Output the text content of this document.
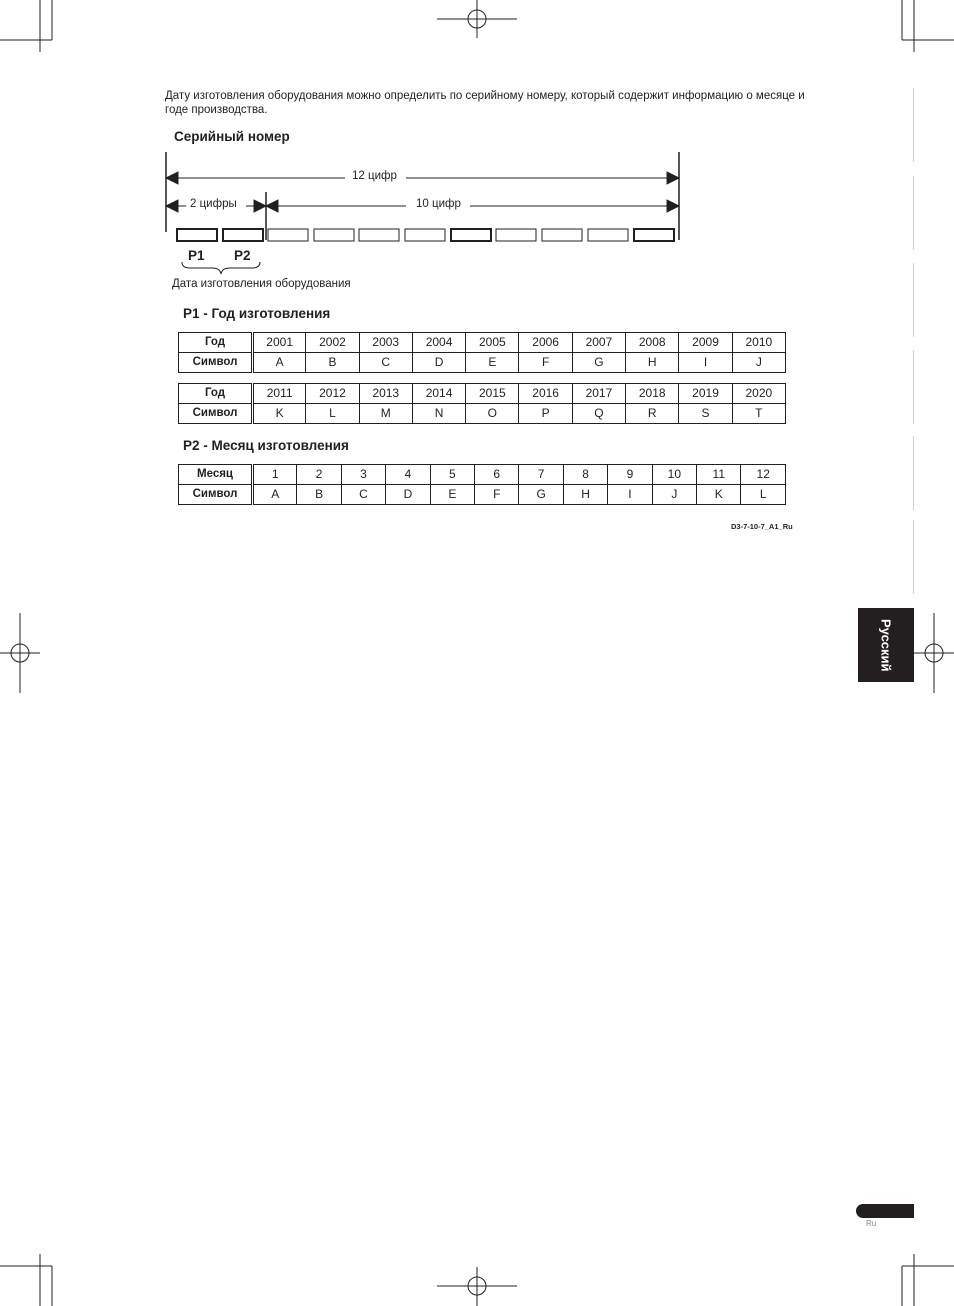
Дату изготовления оборудования можно определить по серийному номеру, который содержит информацию о месяце и годе производства.
Серийный номер
12 цифр
2 цифры	10 цифр
P1 P2
Дата изготовления оборудования
P1 - Год изготовления
Год	2001	2002	2003	2004	2005	2006	2007	2008	2009	2010
Символ	A	B	C	D	E	F	G	H	I	J
Год	2011	2012	2013	2014	2015	2016	2017	2018	2019	2020
Символ	K	L	M	N	O	P	Q	R	S	T
P2 - Месяц изготовления
Месяц	1	2	3	4	5	6	7	8	9	10	11	12
Символ	A	B	C	D	E	F	G	H	I	J	K	L
D3-7-10-7_A1_Ru
Русский
Ru
